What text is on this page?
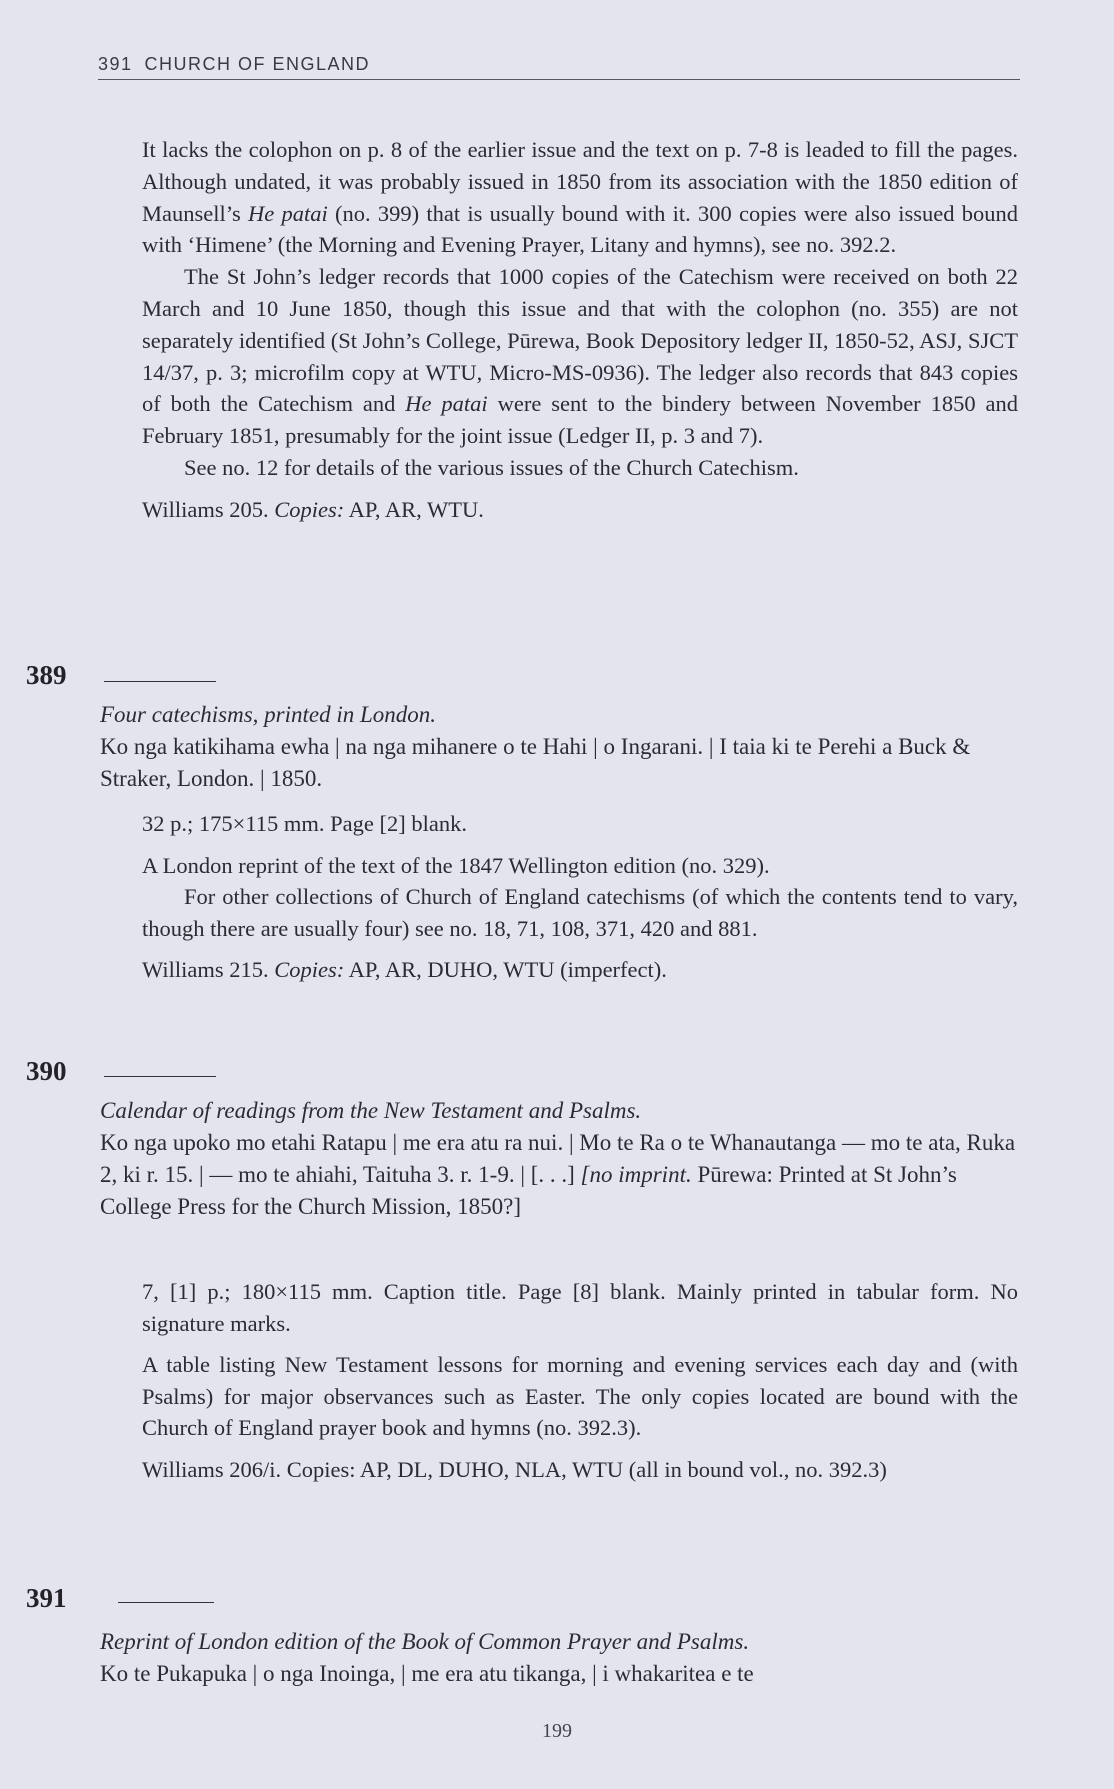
391 CHURCH OF ENGLAND

It lacks the colophon on p. 8 of the earlier issue and the text on p. 7-8 is leaded to fill the pages. Although undated, it was probably issued in 1850 from its association with the 1850 edition of Maunsell’s He patai (no. 399) that is usually bound with it. 300 copies were also issued bound with ‘Himene’ (the Morning and Evening Prayer, Litany and hymns), see no. 392.2.

The St John’s ledger records that 1000 copies of the Catechism were received on both 22 March and 10 June 1850, though this issue and that with the colophon (no. 355) are not separately identified (St John’s College, Pūrewa, Book Depository ledger II, 1850-52, ASJ, SJCT 14/37, p. 3; microfilm copy at WTU, Micro-MS-0936). The ledger also records that 843 copies of both the Catechism and He patai were sent to the bindery between November 1850 and February 1851, presumably for the joint issue (Ledger II, p. 3 and 7).

See no. 12 for details of the various issues of the Church Catechism.

Williams 205. Copies: AP, AR, WTU.

389
Four catechisms, printed in London.
Ko nga katikihama ewha | na nga mihanere o te Hahi | o Ingarani. | I taia ki te Perehi a Buck & Straker, London. | 1850.

32 p.; 175×115 mm. Page [2] blank.

A London reprint of the text of the 1847 Wellington edition (no. 329).

For other collections of Church of England catechisms (of which the contents tend to vary, though there are usually four) see no. 18, 71, 108, 371, 420 and 881.

Williams 215. Copies: AP, AR, DUHO, WTU (imperfect).

390
Calendar of readings from the New Testament and Psalms.
Ko nga upoko mo etahi Ratapu | me era atu ra nui. | Mo te Ra o te Whanautanga — mo te ata, Ruka 2, ki r. 15. | — mo te ahiahi, Taituha 3. r. 1-9. | [. . .] [no imprint. Pūrewa: Printed at St John’s College Press for the Church Mission, 1850?]

7, [1] p.; 180×115 mm. Caption title. Page [8] blank. Mainly printed in tabular form. No signature marks.

A table listing New Testament lessons for morning and evening services each day and (with Psalms) for major observances such as Easter. The only copies located are bound with the Church of England prayer book and hymns (no. 392.3).

Williams 206/i. Copies: AP, DL, DUHO, NLA, WTU (all in bound vol., no. 392.3)

391
Reprint of London edition of the Book of Common Prayer and Psalms.
Ko te Pukapuka | o nga Inoinga, | me era atu tikanga, | i whakaritea e te
199
